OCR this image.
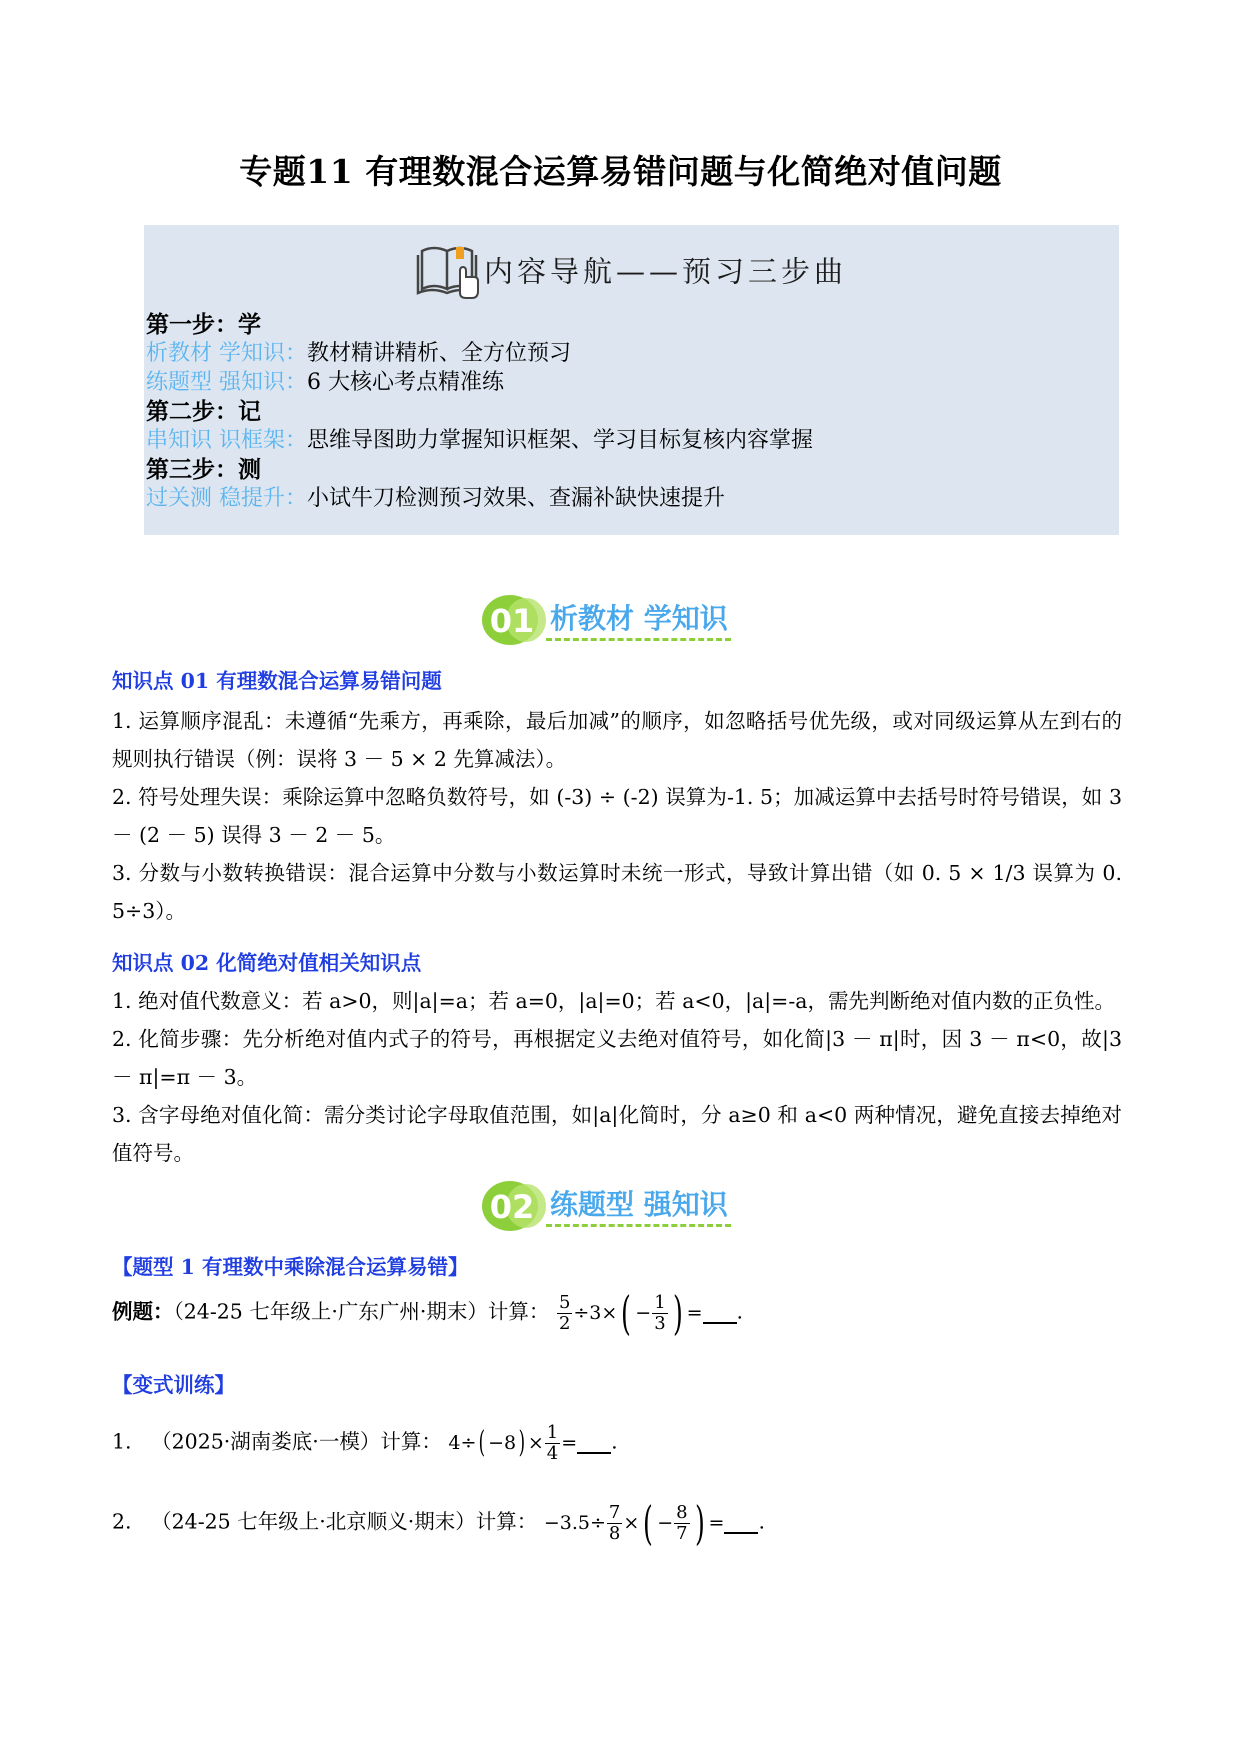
专题11 有理数混合运算易错问题与化简绝对值问题
内容导航——预习三步曲
第一步：学
析教材 学知识：教材精讲精析、全方位预习
练题型 强知识：6 大核心考点精准练
第二步：记
串知识 识框架：思维导图助力掌握知识框架、学习目标复核内容掌握
第三步：测
过关测 稳提升：小试牛刀检测预习效果、查漏补缺快速提升
01 析教材 学知识
知识点 01 有理数混合运算易错问题
1. 运算顺序混乱：未遵循“先乘方，再乘除，最后加减”的顺序，如忽略括号优先级，或对同级运算从左到右的规则执行错误（例：误将 3 － 5 × 2 先算减法）。
2. 符号处理失误：乘除运算中忽略负数符号，如 (-3) ÷ (-2) 误算为-1. 5；加减运算中去括号时符号错误，如 3 － (2 － 5) 误得 3 － 2 － 5。
3. 分数与小数转换错误：混合运算中分数与小数运算时未统一形式，导致计算出错（如 0. 5 × 1/3 误算为 0. 5÷3）。
知识点 02 化简绝对值相关知识点
1. 绝对值代数意义：若 a>0，则|a|=a；若 a=0，|a|=0；若 a<0，|a|=-a，需先判断绝对值内数的正负性。
2. 化简步骤：先分析绝对值内式子的符号，再根据定义去绝对值符号，如化简|3 － π|时，因 3 － π<0，故|3 － π|=π － 3。
3. 含字母绝对值化简：需分类讨论字母取值范围，如|a|化简时，分 a≥0 和 a<0 两种情况，避免直接去掉绝对值符号。
02 练题型 强知识
【题型 1 有理数中乘除混合运算易错】
例题：（24-25 七年级上·广东广州·期末）计算： $\frac{5}{2} \div 3\times( - \frac{1}{3}$ ) = .
【变式训练】
1. （2025·湖南娄底·一模）计算： $4\div( -8) \times \frac{1}{4}$ = .
2. （24-25 七年级上·北京顺义·期末）计算： $-3.5\div \frac{7}{8}$ ×( − $\frac{8}{7}$ ) = .
